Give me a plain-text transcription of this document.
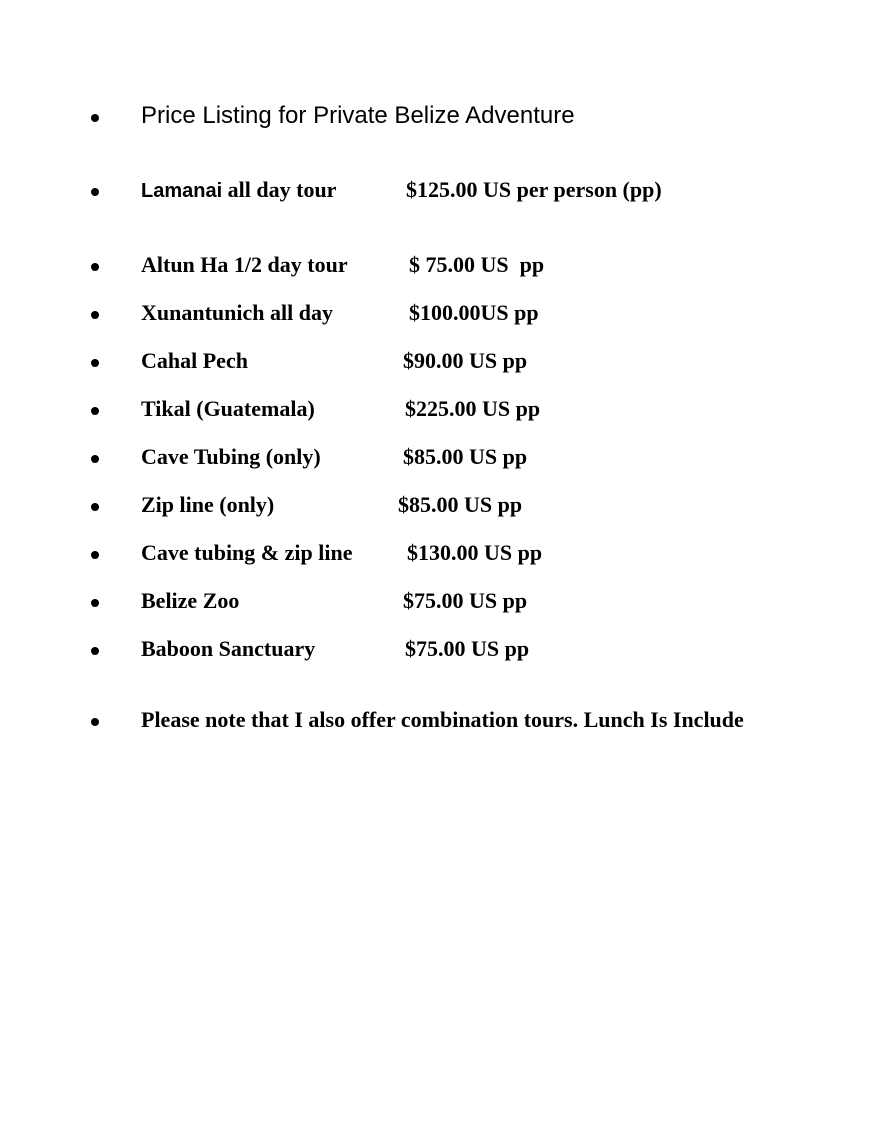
Price Listing for Private Belize Adventure
Lamanai all day tour	$125.00 US per person (pp)
Altun Ha 1/2 day tour	$ 75.00 US  pp
Xunantunich all day	$100.00US pp
Cahal Pech	$90.00 US pp
Tikal (Guatemala)	$225.00 US pp
Cave Tubing (only)	$85.00 US pp
Zip line (only)	$85.00 US pp
Cave tubing & zip line $130.00 US pp
Belize Zoo	$75.00 US pp
Baboon Sanctuary	$75.00 US pp
Please note that I also offer combination tours. Lunch Is Include
